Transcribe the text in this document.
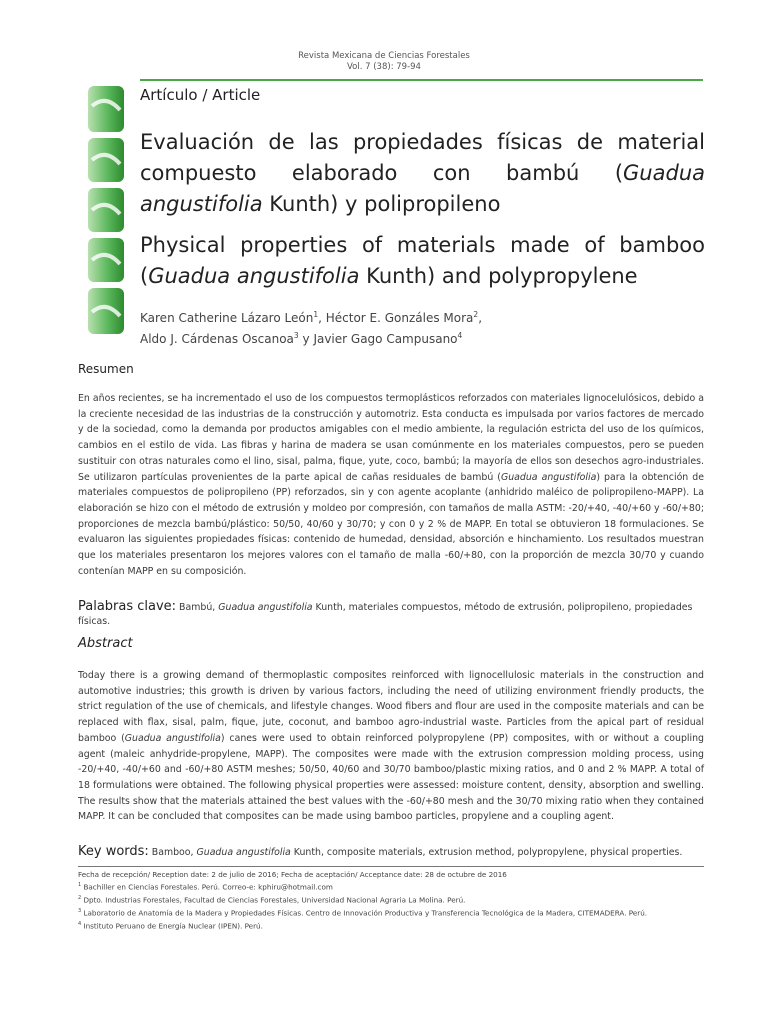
Revista Mexicana de Ciencias Forestales
Vol. 7 (38): 79-94
Artículo / Article
Evaluación de las propiedades físicas de material compuesto elaborado con bambú (Guadua angustifolia Kunth) y polipropileno
Physical properties of materials made of bamboo (Guadua angustifolia Kunth) and polypropylene
Karen Catherine Lázaro León$^1$, Héctor E. Gonzáles Mora$^2$,
Aldo J. Cárdenas Oscanoa$^3$ y Javier Gago Campusano$^4$
Resumen
En años recientes, se ha incrementado el uso de los compuestos termoplásticos reforzados con materiales lignocelulósicos, debido a la creciente necesidad de las industrias de la construcción y automotriz. Esta conducta es impulsada por varios factores de mercado y de la sociedad, como la demanda por productos amigables con el medio ambiente, la regulación estricta del uso de los químicos, cambios en el estilo de vida. Las fibras y harina de madera se usan comúnmente en los materiales compuestos, pero se pueden sustituir con otras naturales como el lino, sisal, palma, fique, yute, coco, bambú; la mayoría de ellos son desechos agro-industriales. Se utilizaron partículas provenientes de la parte apical de cañas residuales de bambú (Guadua angustifolia) para la obtención de materiales compuestos de polipropileno (PP) reforzados, sin y con agente acoplante (anhidrido maléico de polipropileno-MAPP). La elaboración se hizo con el método de extrusión y moldeo por compresión, con tamaños de malla ASTM: -20/+40, -40/+60 y -60/+80; proporciones de mezcla bambú/plástico: 50/50, 40/60 y 30/70; y con 0 y 2 % de MAPP. En total se obtuvieron 18 formulaciones. Se evaluaron las siguientes propiedades físicas: contenido de humedad, densidad, absorción e hinchamiento. Los resultados muestran que los materiales presentaron los mejores valores con el tamaño de malla -60/+80, con la proporción de mezcla 30/70 y cuando contenían MAPP en su composición.
Palabras clave: Bambú, Guadua angustifolia Kunth, materiales compuestos, método de extrusión, polipropileno, propiedades físicas.
Abstract
Today there is a growing demand of thermoplastic composites reinforced with lignocellulosic materials in the construction and automotive industries; this growth is driven by various factors, including the need of utilizing environment friendly products, the strict regulation of the use of chemicals, and lifestyle changes. Wood fibers and flour are used in the composite materials and can be replaced with flax, sisal, palm, fique, jute, coconut, and bamboo agro-industrial waste. Particles from the apical part of residual bamboo (Guadua angustifolia) canes were used to obtain reinforced polypropylene (PP) composites, with or without a coupling agent (maleic anhydride-propylene, MAPP). The composites were made with the extrusion compression molding process, using -20/+40, -40/+60 and -60/+80 ASTM meshes; 50/50, 40/60 and 30/70 bamboo/plastic mixing ratios, and 0 and 2 % MAPP. A total of 18 formulations were obtained. The following physical properties were assessed: moisture content, density, absorption and swelling. The results show that the materials attained the best values with the -60/+80 mesh and the 30/70 mixing ratio when they contained MAPP. It can be concluded that composites can be made using bamboo particles, propylene and a coupling agent.
Key words: Bamboo, Guadua angustifolia Kunth, composite materials, extrusion method, polypropylene, physical properties.
Fecha de recepción/ Reception date: 2 de julio de 2016; Fecha de aceptación/ Acceptance date: 28 de octubre de 2016
$^1$ Bachiller en Ciencias Forestales. Perú. Correo-e: kphiru@hotmail.com
$^2$ Dpto. Industrias Forestales, Facultad de Ciencias Forestales, Universidad Nacional Agraria La Molina. Perú.
$^3$ Laboratorio de Anatomía de la Madera y Propiedades Físicas. Centro de Innovación Productiva y Transferencia Tecnológica de la Madera, CITEMADERA. Perú.
$^4$ Instituto Peruano de Energía Nuclear (IPEN). Perú.
